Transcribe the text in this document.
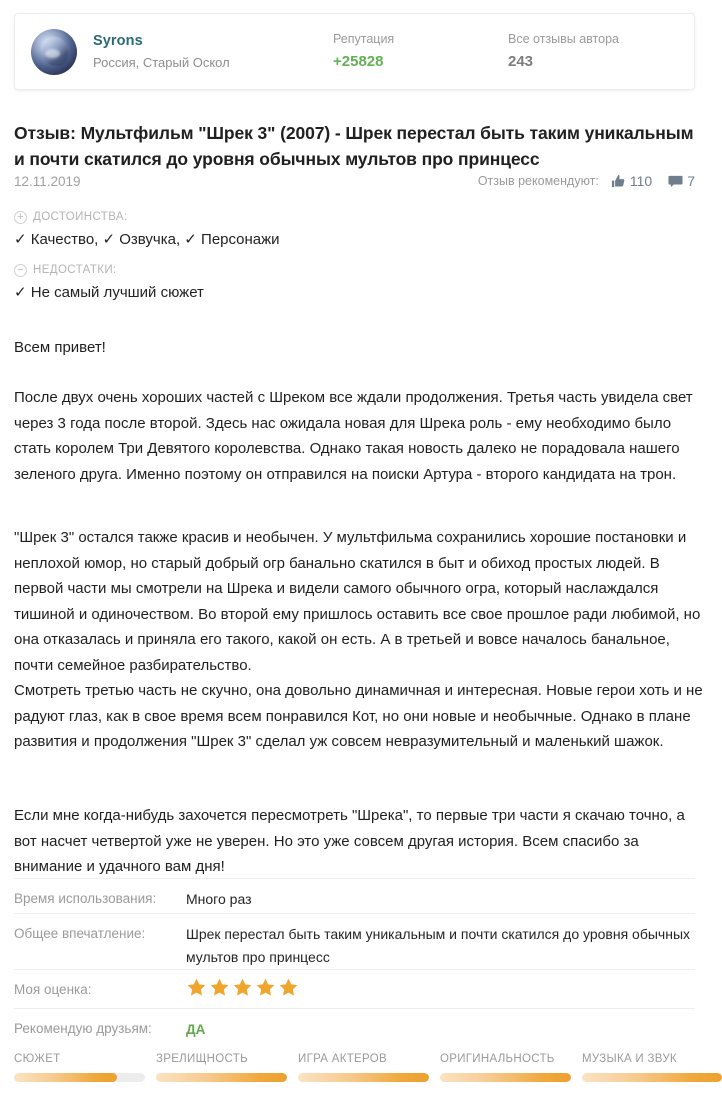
Syrons
Россия, Старый Оскол
Репутация
+25828
Все отзывы автора
243
Отзыв: Мультфильм "Шрек 3" (2007) - Шрек перестал быть таким уникальным и почти скатился до уровня обычных мультов про принцесс
12.11.2019	Отзыв рекомендуют: 110	7
+ ДОСТОИНСТВА:
✓ Качество, ✓ Озвучка, ✓ Персонажи
− НЕДОСТАТКИ:
✓ Не самый лучший сюжет

Всем привет!

После двух очень хороших частей с Шреком все ждали продолжения. Третья часть увидела свет через 3 года после второй. Здесь нас ожидала новая для Шрека роль - ему необходимо было стать королем Три Девятого королевства. Однако такая новость далеко не порадовала нашего зеленого друга. Именно поэтому он отправился на поиски Артура - второго кандидата на трон.

"Шрек 3" остался также красив и необычен. У мультфильма сохранились хорошие постановки и неплохой юмор, но старый добрый огр банально скатился в быт и обиход простых людей. В первой части мы смотрели на Шрека и видели самого обычного огра, который наслаждался тишиной и одиночеством. Во второй ему пришлось оставить все свое прошлое ради любимой, но она отказалась и приняла его такого, какой он есть. А в третьей и вовсе началось банальное, почти семейное разбирательство.

Смотреть третью часть не скучно, она довольно динамичная и интересная. Новые герои хоть и не радуют глаз, как в свое время всем понравился Кот, но они новые и необычные. Однако в плане развития и продолжения "Шрек 3" сделал уж совсем невразумительный и маленький шажок.

Если мне когда-нибудь захочется пересмотреть "Шрека", то первые три части я скачаю точно, а вот насчет четвертой уже не уверен. Но это уже совсем другая история. Всем спасибо за внимание и удачного вам дня!

Время использования:	Много раз
Общее впечатление:	Шрек перестал быть таким уникальным и почти скатился до уровня обычных мультов про принцесс
Моя оценка:
Рекомендую друзьям:	ДА
СЮЖЕТ	ЗРЕЛИЩНОСТЬ	ИГРА АКТЕРОВ	ОРИГИНАЛЬНОСТЬ	МУЗЫКА И ЗВУК
